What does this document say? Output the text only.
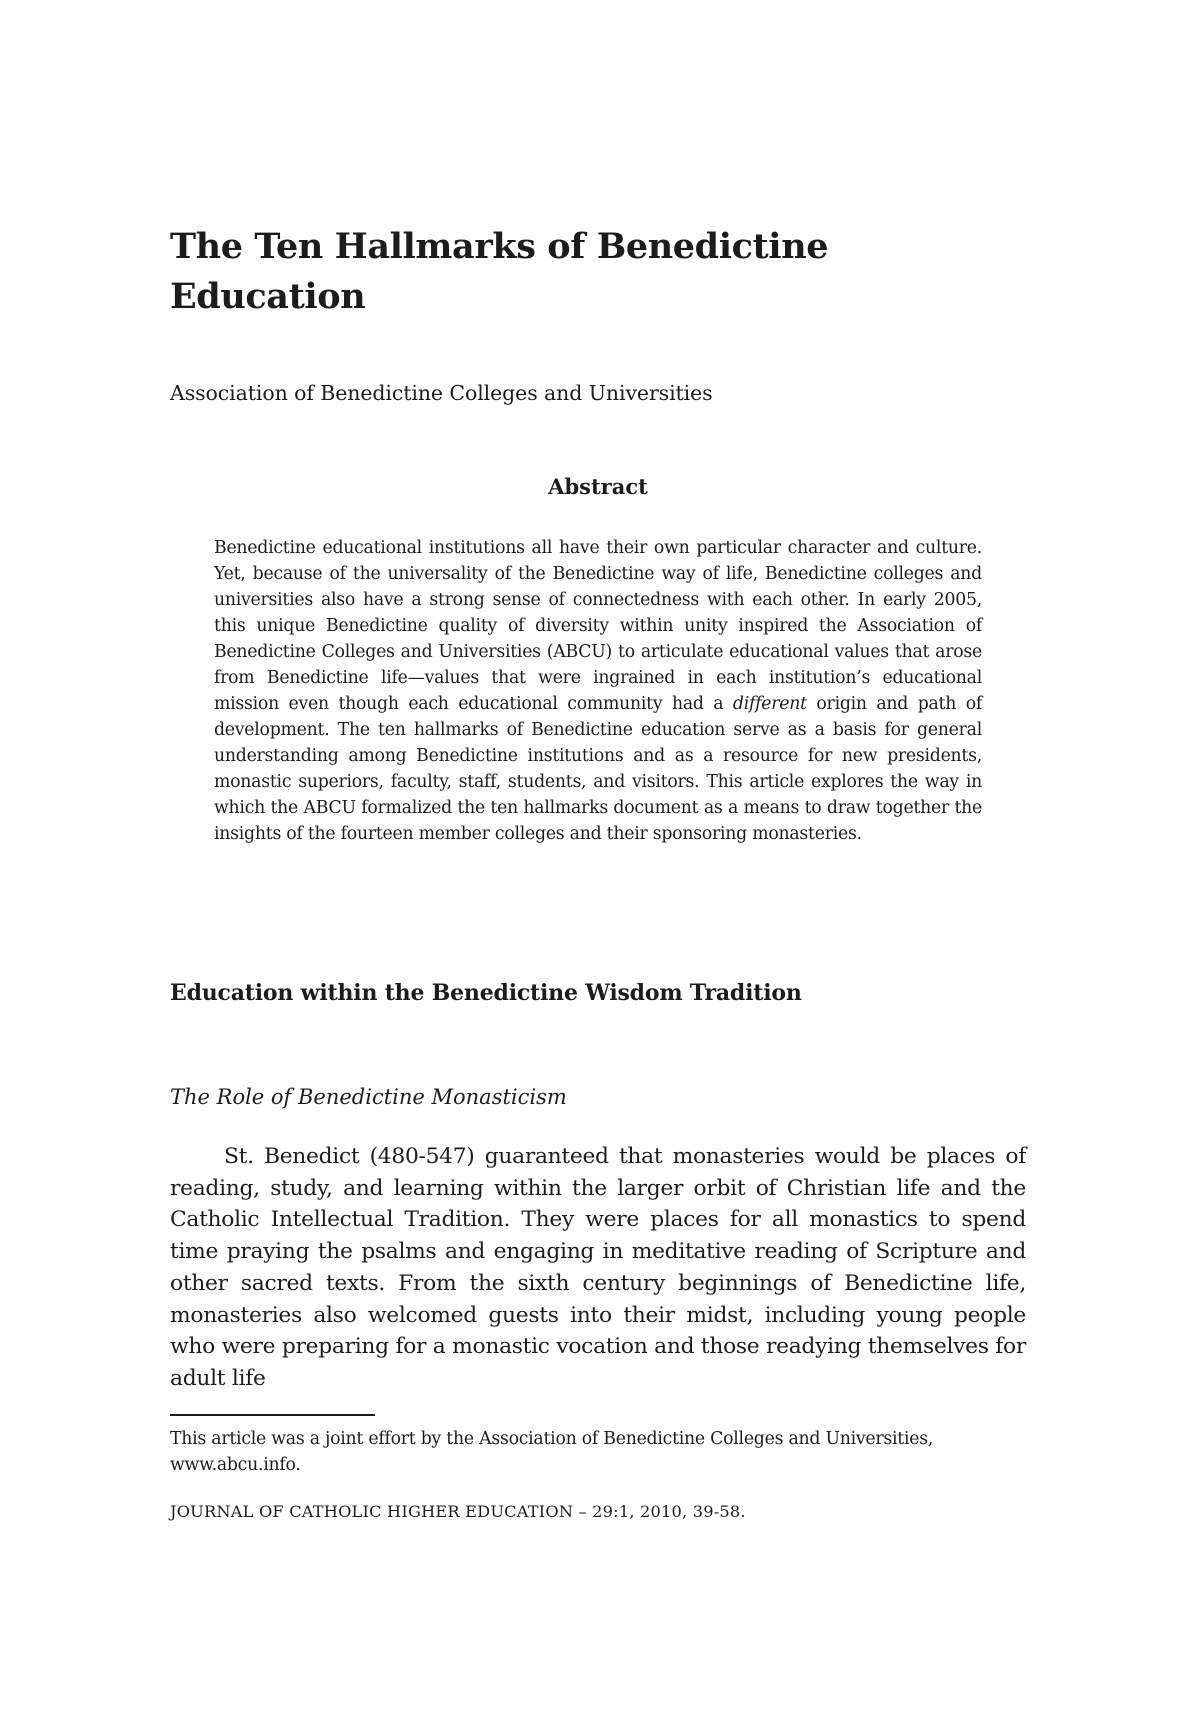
The Ten Hallmarks of Benedictine Education

Association of Benedictine Colleges and Universities

Abstract

Benedictine educational institutions all have their own particular character and culture. Yet, because of the universality of the Benedictine way of life, Benedictine colleges and universities also have a strong sense of connectedness with each other. In early 2005, this unique Benedictine quality of diversity within unity inspired the Association of Benedictine Colleges and Universities (ABCU) to articulate educational values that arose from Benedictine life—values that were ingrained in each institution’s educational mission even though each educational community had a different origin and path of development. The ten hallmarks of Benedictine education serve as a basis for general understanding among Benedictine institutions and as a resource for new presidents, monastic superiors, faculty, staff, students, and visitors. This article explores the way in which the ABCU formalized the ten hallmarks document as a means to draw together the insights of the fourteen member colleges and their sponsoring monasteries.

Education within the Benedictine Wisdom Tradition
The Role of Benedictine Monasticism

St. Benedict (480-547) guaranteed that monasteries would be places of reading, study, and learning within the larger orbit of Christian life and the Catholic Intellectual Tradition. They were places for all monastics to spend time praying the psalms and engaging in meditative reading of Scripture and other sacred texts. From the sixth century beginnings of Benedictine life, monasteries also welcomed guests into their midst, including young people who were preparing for a monastic vocation and those readying themselves for adult life

This article was a joint effort by the Association of Benedictine Colleges and Universities, www.abcu.info.

JOURNAL OF CATHOLIC HIGHER EDUCATION – 29:1, 2010, 39-58.
